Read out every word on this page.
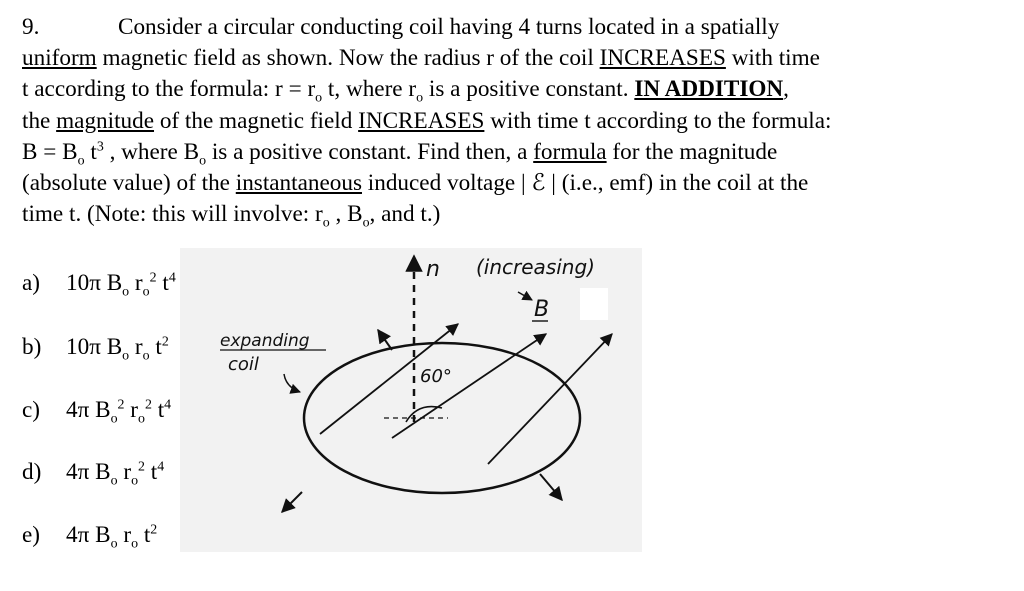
9.	Consider a circular conducting coil having 4 turns located in a spatially
uniform magnetic field as shown. Now the radius r of the coil INCREASES with time
t according to the formula: $r = r_o$ t, where $r_o$ is a positive constant. IN ADDITION,
the magnitude of the magnetic field INCREASES with time t according to the formula:
$B = B_o$ $t^3$ , where $B_o$ is a positive constant. Find then, a formula for the magnitude
(absolute value) of the instantaneous induced voltage | ℰ | (i.e., emf) in the coil at the
time t. (Note: this will involve: $r_o$ , $B_o$, and t.)
a) 10π $B_o$ $r_o^2$ $t^4$
b) 10π $B_o$ $r_o$ $t^2$
c) 4π $B_o^2$ $r_o^2$ $t^4$
d) 4π $B_o$ $r_o^2$ $t^4$
e) 4π $B_o$ $r_o$ $t^2$
60°
n (increasing)
B
expanding
coil
